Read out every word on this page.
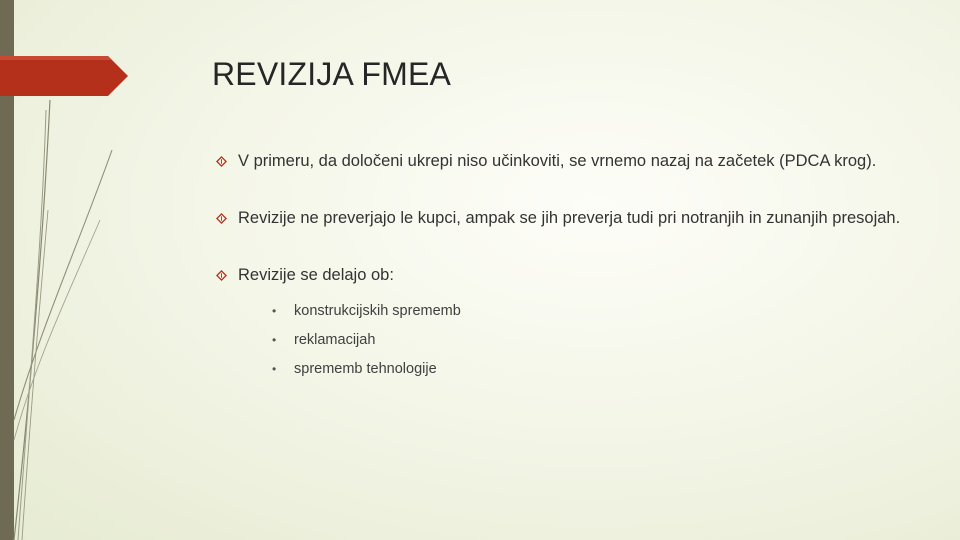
REVIZIJA FMEA
V primeru, da določeni ukrepi niso učinkoviti, se vrnemo nazaj na začetek (PDCA krog).
Revizije ne preverjajo le kupci, ampak se jih preverja tudi pri notranjih in zunanjih presojah.
Revizije se delajo ob:
• konstrukcijskih sprememb
• reklamacijah
• sprememb tehnologije
